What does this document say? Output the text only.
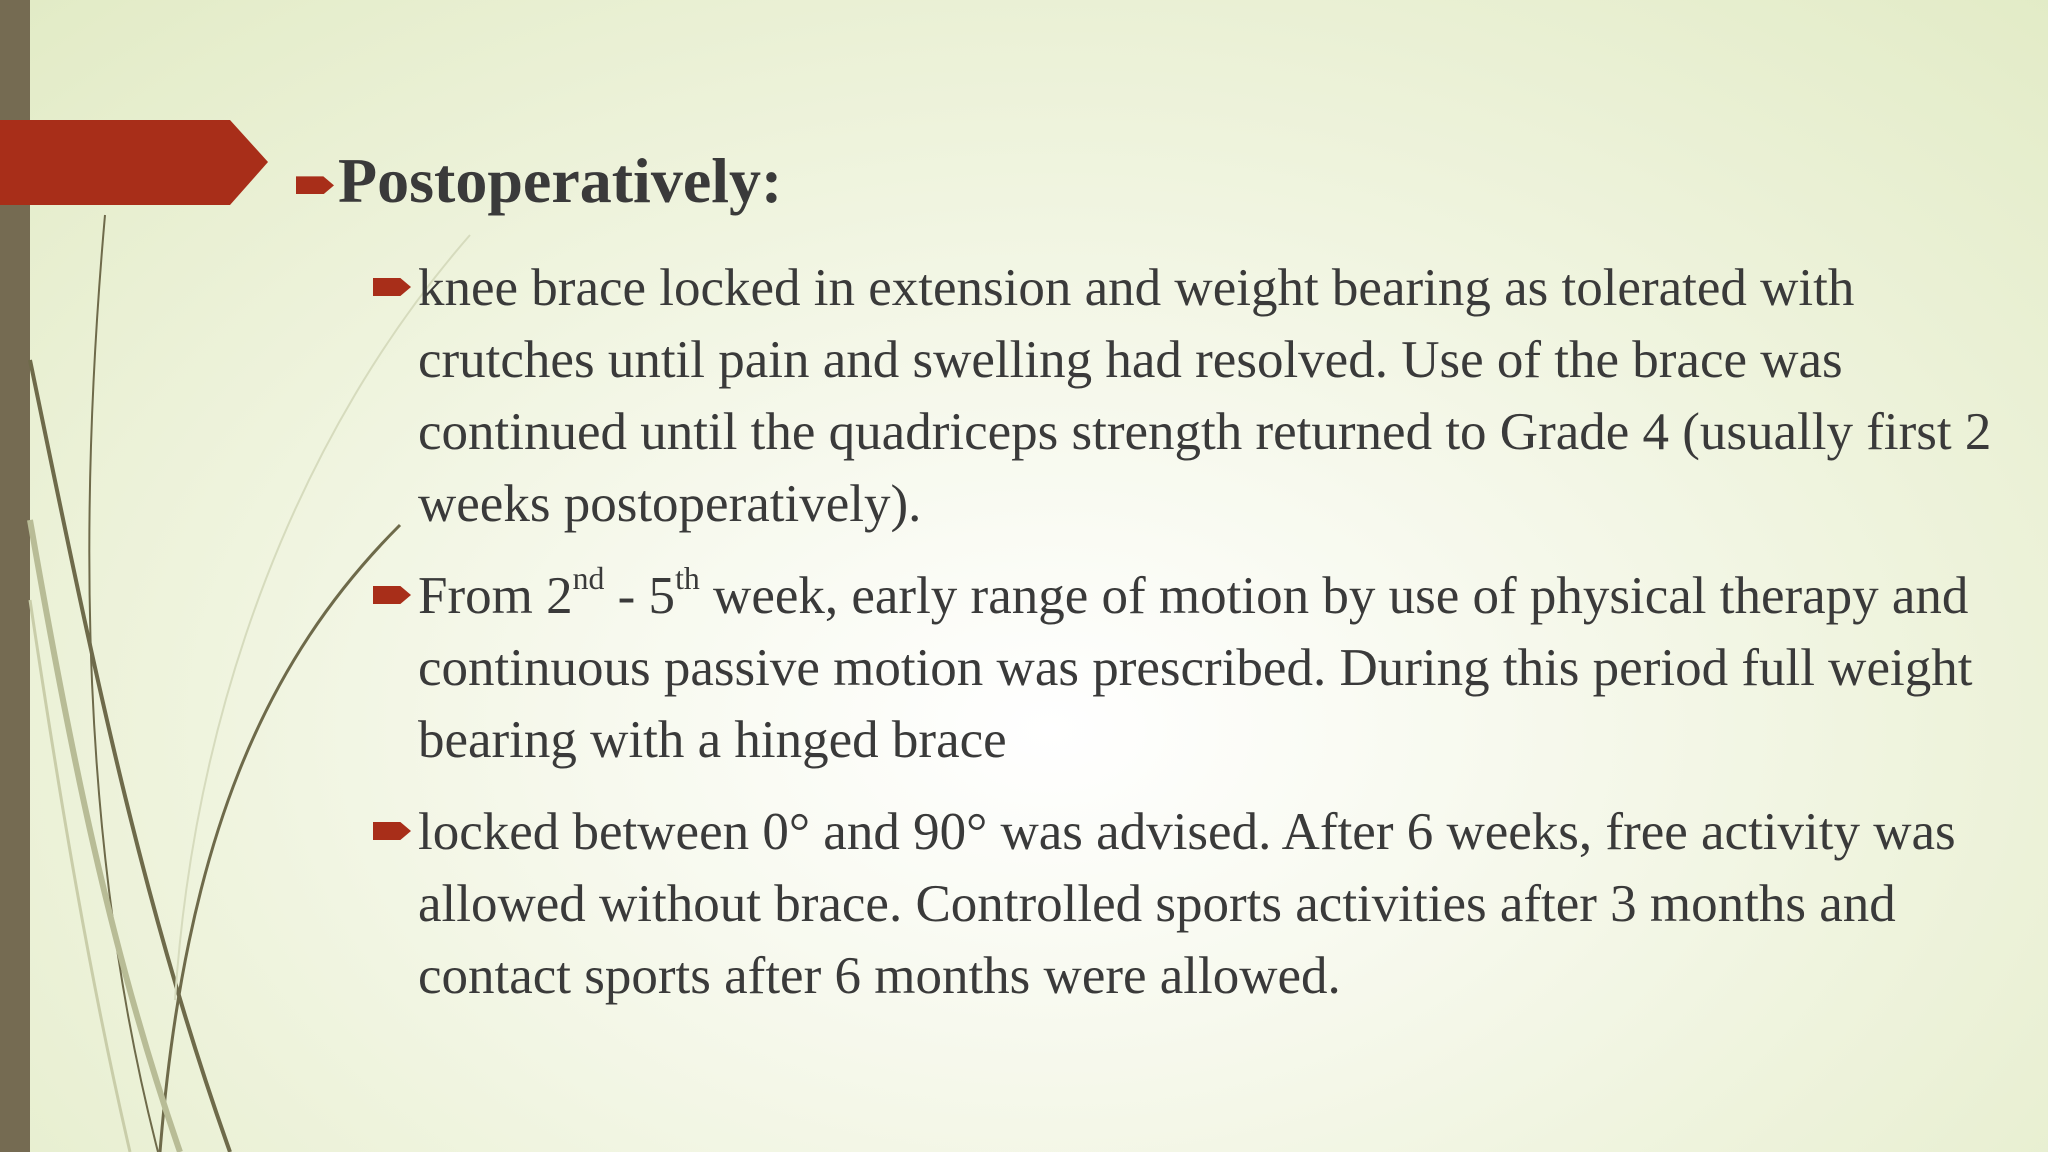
Postoperatively:
knee brace locked in extension and weight bearing as tolerated with crutches until pain and swelling had resolved. Use of the brace was continued until the quadriceps strength returned to Grade 4 (usually first 2 weeks postoperatively).
From 2nd - 5th week, early range of motion by use of physical therapy and continuous passive motion was prescribed. During this period full weight bearing with a hinged brace
locked between 0° and 90° was advised. After 6 weeks, free activity was allowed without brace. Controlled sports activities after 3 months and contact sports after 6 months were allowed.
